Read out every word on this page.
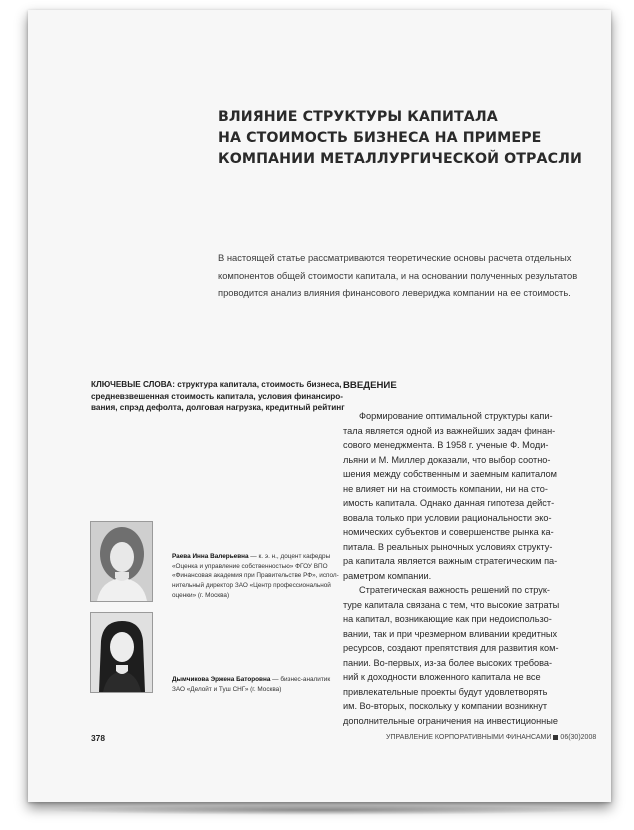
ВЛИЯНИЕ СТРУКТУРЫ КАПИТАЛА
НА СТОИМОСТЬ БИЗНЕСА НА ПРИМЕРЕ
КОМПАНИИ МЕТАЛЛУРГИЧЕСКОЙ ОТРАСЛИ
В настоящей статье рассматриваются теоретические основы расчета отдельных
компонентов общей стоимости капитала, и на основании полученных результатов
проводится анализ влияния финансового левериджа компании на ее стоимость.
КЛЮЧЕВЫЕ СЛОВА: структура капитала, стоимость бизнеса,
средневзвешенная стоимость капитала, условия финансиро-
вания, спрэд дефолта, долговая нагрузка, кредитный рейтинг
ВВЕДЕНИЕ
Формирование оптимальной структуры капи-
тала является одной из важнейших задач финан-
сового менеджмента. В 1958 г. ученые Ф. Моди-
льяни и М. Миллер доказали, что выбор соотно-
шения между собственным и заемным капиталом
не влияет ни на стоимость компании, ни на сто-
имость капитала. Однако данная гипотеза дейст-
вовала только при условии рациональности эко-
номических субъектов и совершенстве рынка ка-
питала. В реальных рыночных условиях структу-
ра капитала является важным стратегическим па-
раметром компании.
Стратегическая важность решений по струк-
туре капитала связана с тем, что высокие затраты
на капитал, возникающие как при недоиспользо-
вании, так и при чрезмерном вливании кредитных
ресурсов, создают препятствия для развития ком-
пании. Во-первых, из-за более высоких требова-
ний к доходности вложенного капитала не все
привлекательные проекты будут удовлетворять
им. Во-вторых, поскольку у компании возникнут
дополнительные ограничения на инвестиционные
Раева Инна Валерьевна — к. э. н., доцент кафедры
«Оценка и управление собственностью» ФГОУ ВПО
«Финансовая академия при Правительстве РФ», испол-
нительный директор ЗАО «Центр профессиональной
оценки» (г. Москва)
Дымчикова Эржена Баторовна — бизнес-аналитик
ЗАО «Делойт и Туш СНГ» (г. Москва)
378	УПРАВЛЕНИЕ КОРПОРАТИВНЫМИ ФИНАНСАМИ 06(30)2008
